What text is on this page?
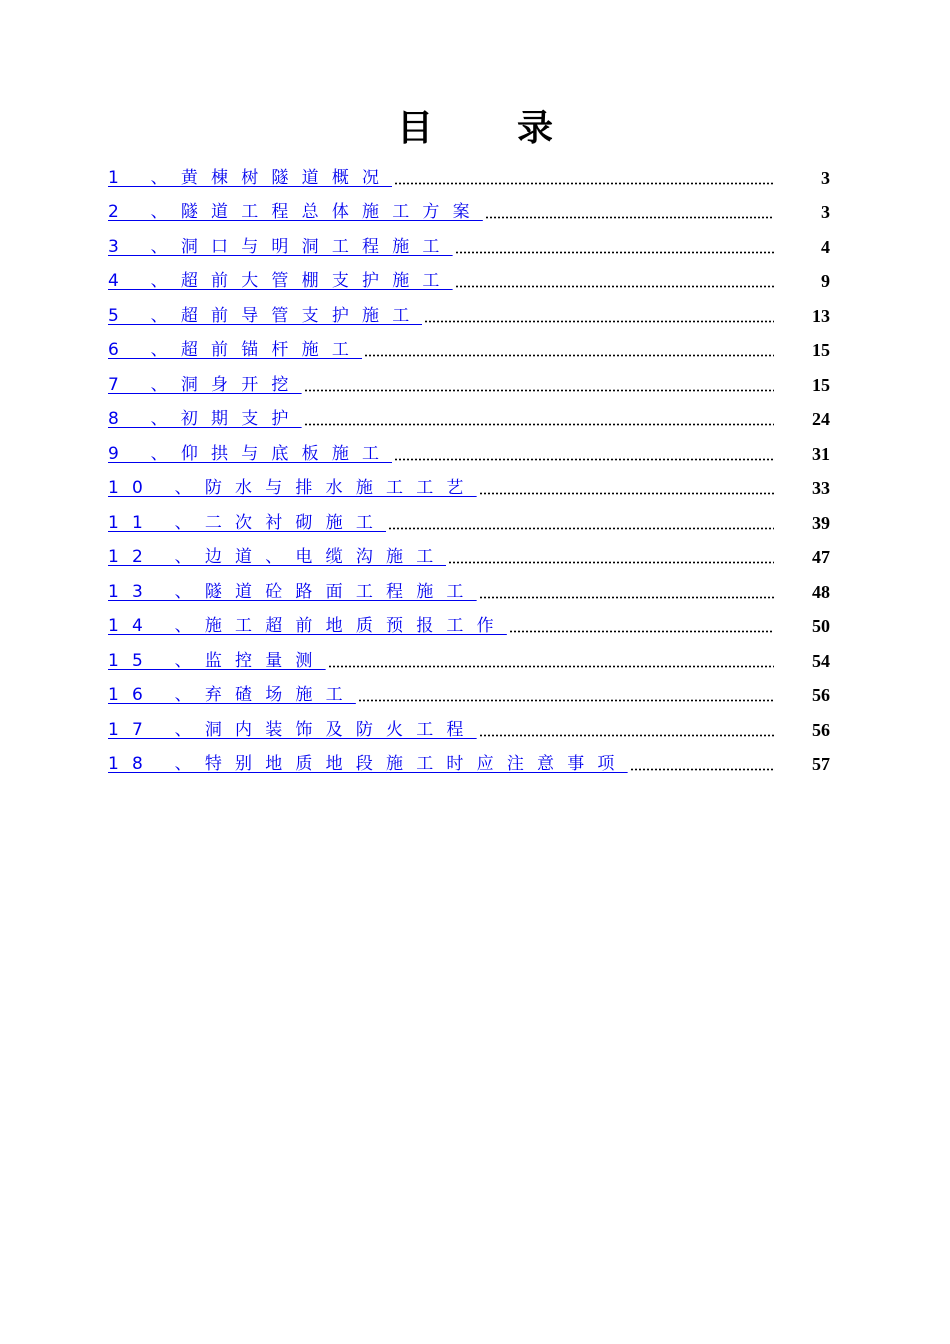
目录
1 、黄棟树隧道概况	3
2 、隧道工程总体施工方案	3
3 、洞口与明洞工程施工	4
4 、超前大管棚支护施工	9
5 、超前导管支护施工	13
6 、超前锚杆施工	15
7 、洞身开挖	15
8 、初期支护	24
9 、仰拱与底板施工	31
10 、防水与排水施工工艺	33
11 、二次衬砌施工	39
12 、边道、电缆沟施工	47
13 、隧道砼路面工程施工	48
14 、施工超前地质预报工作	50
15 、监控量测	54
16 、弃碴场施工	56
17 、洞内装饰及防火工程	56
18 、特别地质地段施工时应注意事项	57
